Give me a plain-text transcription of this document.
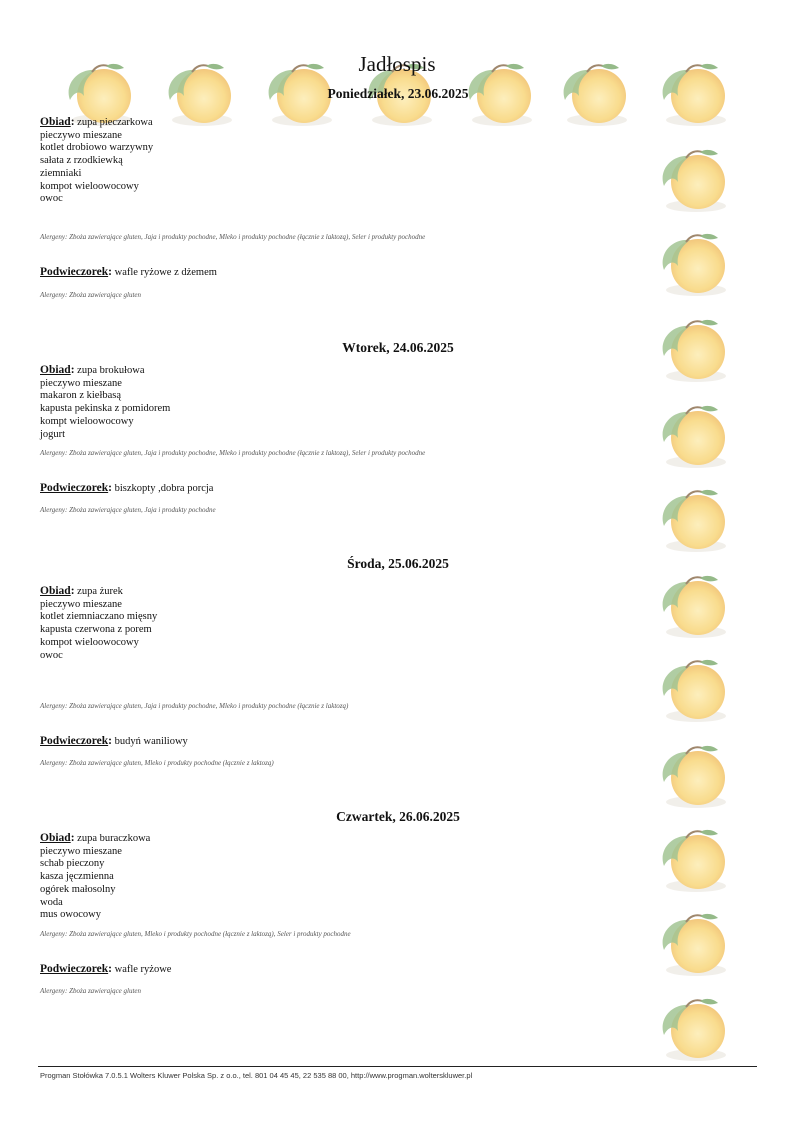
Jadłospis
Poniedziałek, 23.06.2025
Obiad: zupa pieczarkowa
pieczywo mieszane
kotlet drobiowo warzywny
sałata z rzodkiewką
ziemniaki
kompot wieloowocowy
owoc
Alergeny: Zboża zawierające gluten, Jaja i produkty pochodne, Mleko i produkty pochodne (łącznie z laktozą), Seler i produkty pochodne
Podwieczorek: wafle ryżowe z dżemem
Alergeny: Zboża zawierające gluten
Wtorek, 24.06.2025
Obiad: zupa brokułowa
pieczywo mieszane
makaron z kiełbasą
kapusta pekinska z pomidorem
kompt wieloowocowy
jogurt
Alergeny: Zboża zawierające gluten, Jaja i produkty pochodne, Mleko i produkty pochodne (łącznie z laktozą), Seler i produkty pochodne
Podwieczorek: biszkopty ,dobra porcja
Alergeny: Zboża zawierające gluten, Jaja i produkty pochodne
Środa, 25.06.2025
Obiad: zupa żurek
pieczywo mieszane
kotlet ziemniaczano mięsny
kapusta czerwona z porem
kompot wieloowocowy
owoc
Alergeny: Zboża zawierające gluten, Jaja i produkty pochodne, Mleko i produkty pochodne (łącznie z laktozą)
Podwieczorek: budyń waniliowy
Alergeny: Zboża zawierające gluten, Mleko i produkty pochodne (łącznie z laktozą)
Czwartek, 26.06.2025
Obiad: zupa buraczkowa
pieczywo mieszane
schab pieczony
kasza jęczmienna
ogórek małosolny
woda
mus owocowy
Alergeny: Zboża zawierające gluten, Mleko i produkty pochodne (łącznie z laktozą), Seler i produkty pochodne
Podwieczorek: wafle ryżowe
Alergeny: Zboża zawierające gluten
Progman Stołówka 7.0.5.1 Wolters Kluwer Polska Sp. z o.o., tel. 801 04 45 45, 22 535 88 00, http://www.progman.wolterskluwer.pl
